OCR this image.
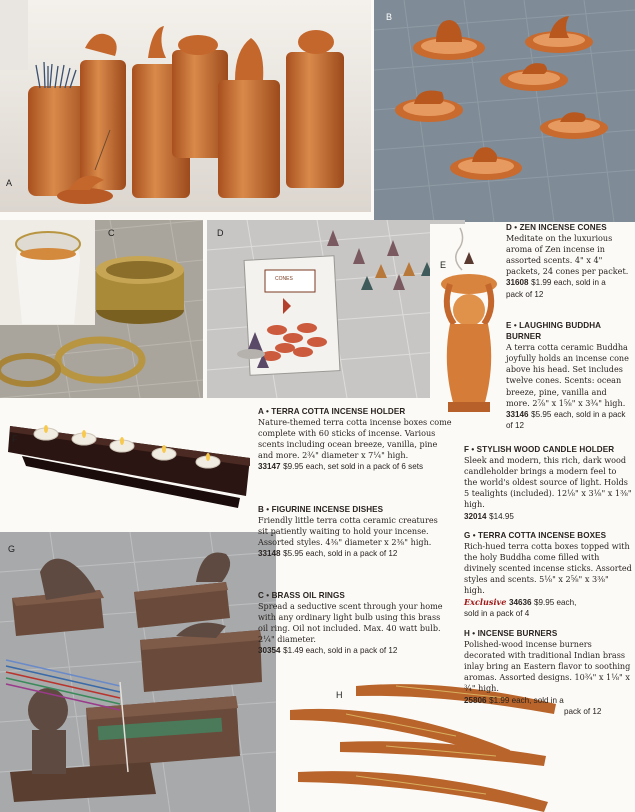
A
B
C	D
CONES
E
F
G
H

D • ZEN INCENSE CONES

Meditate on the luxurious aroma of Zen incense in assorted scents. 4" x 4" packets, 24 cones per packet.

31608 $1.99 each, sold in a

pack of 12

E • LAUGHING BUDDHA BURNER

A terra cotta ceramic Buddha joyfully holds an incense cone above his head. Set includes twelve cones. Scents: ocean breeze, pine, vanilla and more. 2⅞" x 1⅝" x 3¾" high.

33146 $5.95 each, sold in a pack of 12

A • TERRA COTTA INCENSE HOLDER

Nature-themed terra cotta incense boxes come complete with 60 sticks of incense. Various scents including ocean breeze, vanilla, pine and more. 2¾" diameter x 7¼" high.

33147 $9.95 each, set sold in a pack of 6 sets

F • STYLISH WOOD CANDLE HOLDER

Sleek and modern, this rich, dark wood candleholder brings a modern feel to the world's oldest source of light. Holds 5 tealights (included). 12⅛" x 3⅛" x 1⅜" high.

32014 $14.95

B • FIGURINE INCENSE DISHES

Friendly little terra cotta ceramic creatures sit patiently waiting to hold your incense. Assorted styles. 4⅜" diameter x 2⅜" high.

33148 $5.95 each, sold in a pack of 12

G • TERRA COTTA INCENSE BOXES

Rich-hued terra cotta boxes topped with the holy Buddha come filled with divinely scented incense sticks. Assorted styles and scents. 5⅛" x 2⅝" x 3⅜" high.

Exclusive 34636 $9.95 each,

sold in a pack of 4

C • BRASS OIL RINGS

Spread a seductive scent through your home with any ordinary light bulb using this brass oil ring. Oil not included. Max. 40 watt bulb. 2¼" diameter.

30354 $1.49 each, sold in a pack of 12

H • INCENSE BURNERS

Polished-wood incense burners decorated with traditional Indian brass inlay bring an Eastern flavor to soothing aromas. Assorted designs. 10¾" x 1⅛" x ¾" high.

25806 $1.99 each, sold in a

pack of 12
